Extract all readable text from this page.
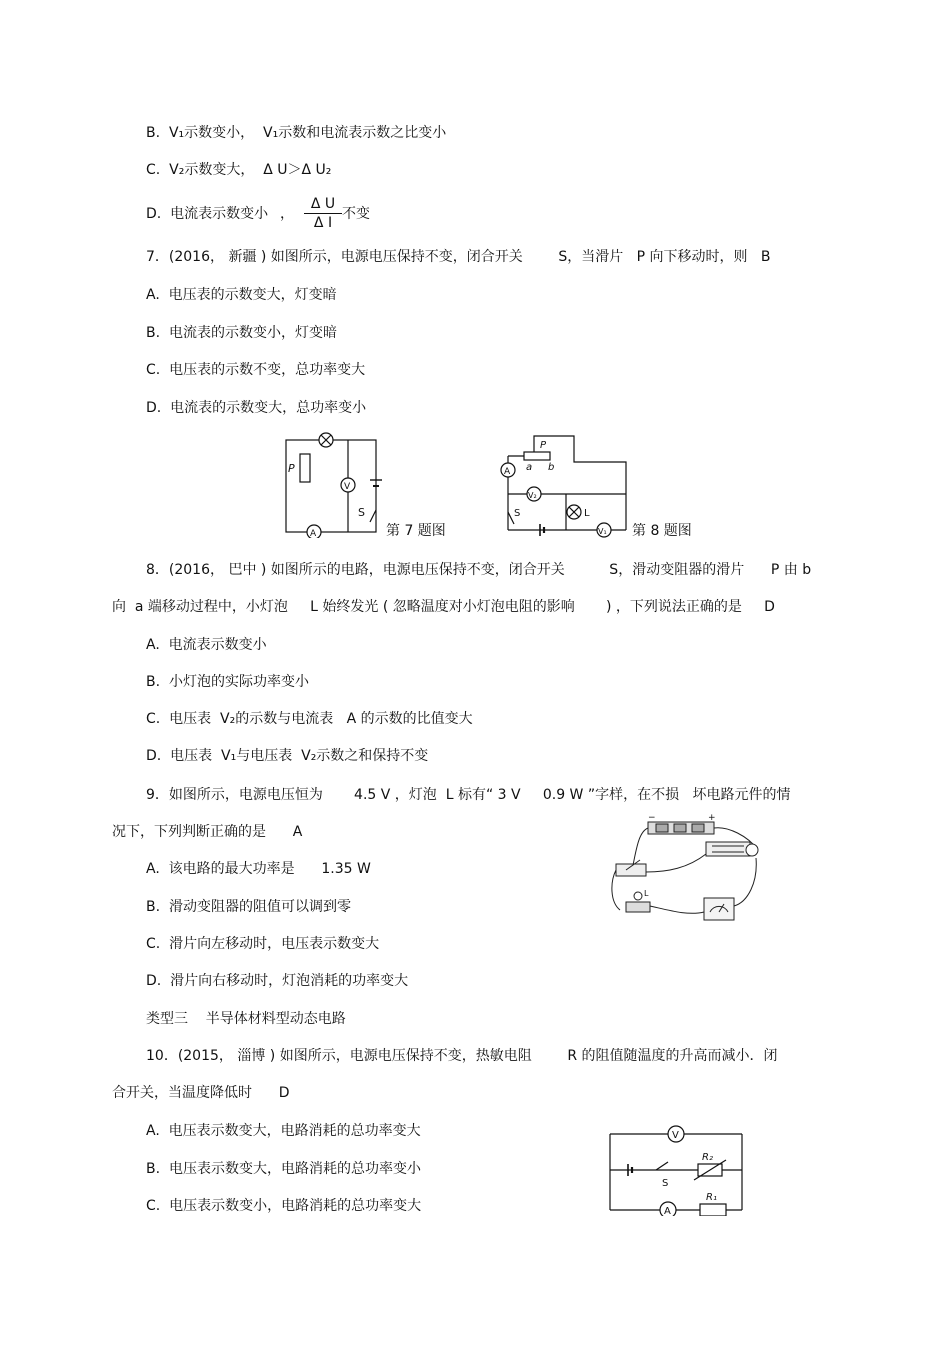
B.  V₁示数变小，  V₁示数和电流表示数之比变小
C.  V₂示数变大，  Δ U＞Δ U₂
D.  电流表示数变小 ，
Δ U
Δ I
不变
7．(2016， 新疆 ) 如图所示，电源电压保持不变，闭合开关        S，当滑片   P 向下移动时，则   B
A.  电压表的示数变大，灯变暗
B.  电流表的示数变小，灯变暗
C.  电压表的示数不变，总功率变大
D.  电流表的示数变大，总功率变小
P
V
S
A	第 7 题图
P
a b
A
V₂
S	L
V₁ 第 8 题图
8．(2016， 巴中 ) 如图所示的电路，电源电压保持不变，闭合开关          S，滑动变阻器的滑片      P 由 b
向  a 端移动过程中，小灯泡     L 始终发光 ( 忽略温度对小灯泡电阻的影响       ) ，下列说法正确的是     D
A.  电流表示数变小
B.  小灯泡的实际功率变小
C.  电压表  V₂的示数与电流表   A 的示数的比值变大
D.  电压表  V₁与电压表  V₂示数之和保持不变
9．如图所示，电源电压恒为       4.5 V ，灯泡  L 标有“ 3 V     0.9 W ”字样，在不损   坏电路元件的情
况下，下列判断正确的是      A
A.  该电路的最大功率是      1.35 W
B.  滑动变阻器的阻值可以调到零
C.  滑片向左移动时，电压表示数变大
D.  滑片向右移动时，灯泡消耗的功率变大
−	+
L
类型三    半导体材料型动态电路
10．(2015， 淄博 ) 如图所示，电源电压保持不变，热敏电阻        R 的阻值随温度的升高而减小．闭
合开关，当温度降低时      D
A.  电压表示数变大，电路消耗的总功率变大
B.  电压表示数变大，电路消耗的总功率变小
C.  电压表示数变小，电路消耗的总功率变大
V
R₂
S
R₁
A
